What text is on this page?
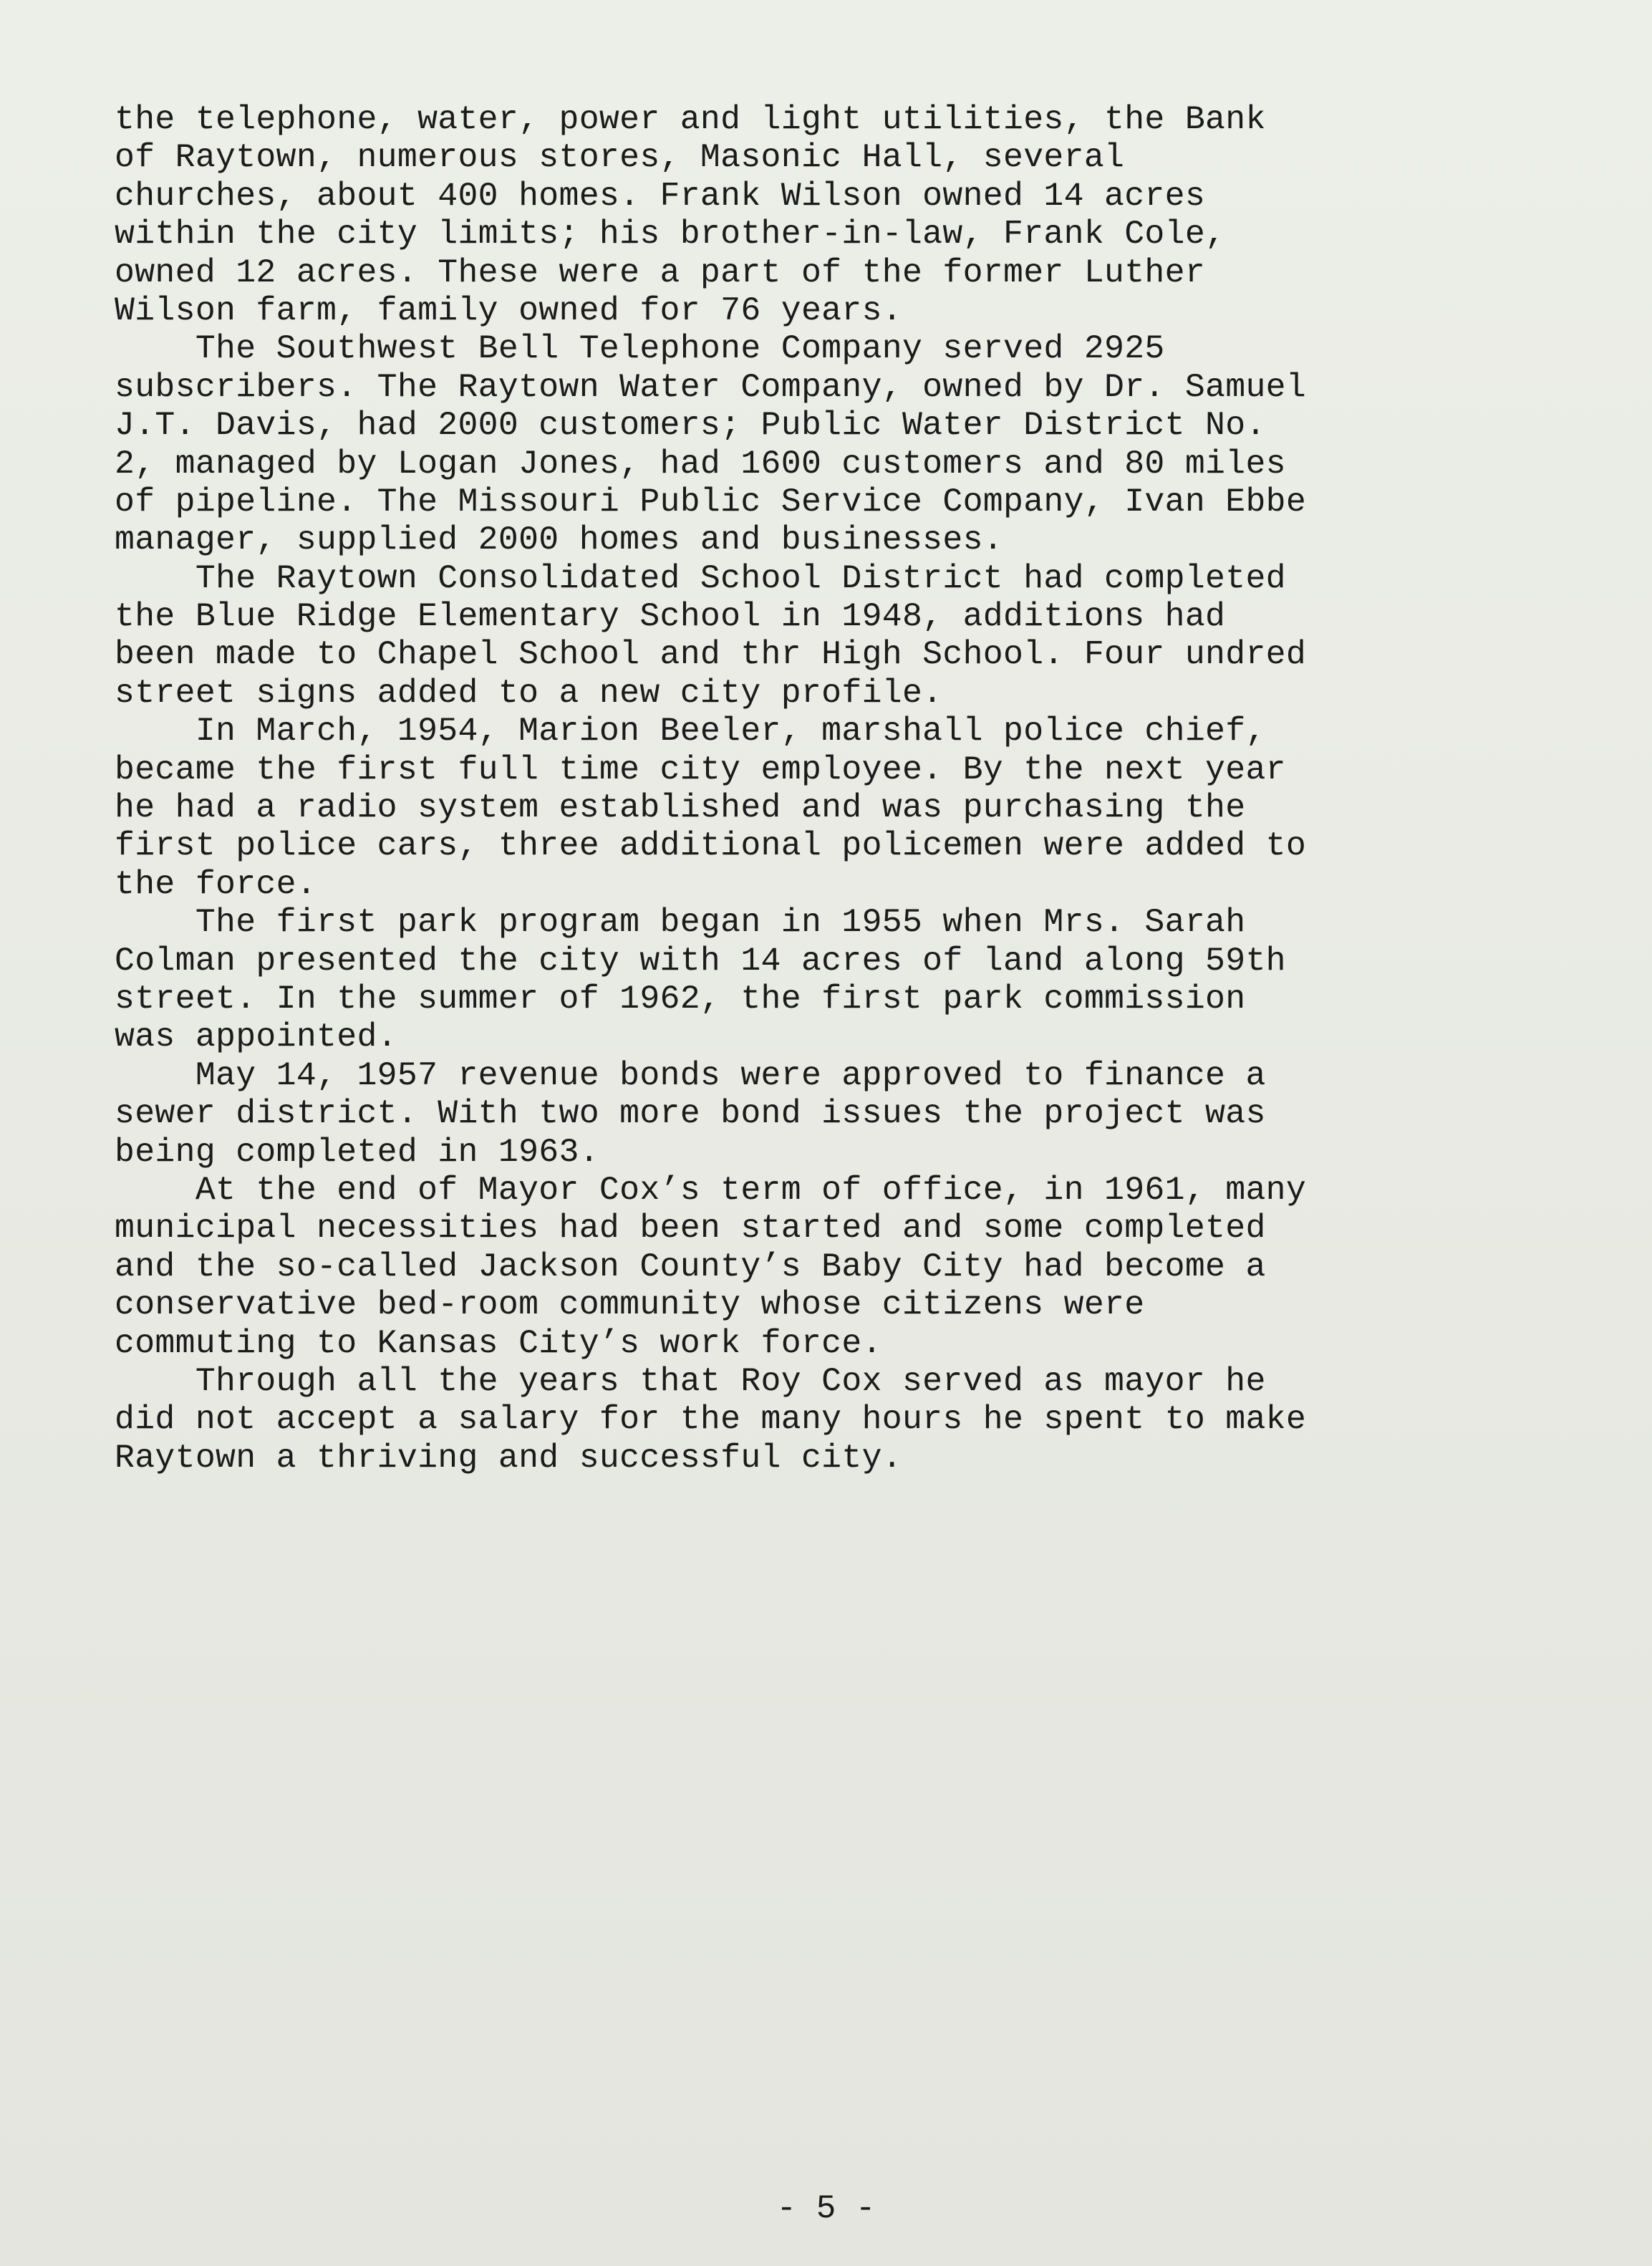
the telephone, water, power and light utilities, the Bank
of Raytown, numerous stores, Masonic Hall, several
churches, about 400 homes. Frank Wilson owned 14 acres
within the city limits; his brother-in-law, Frank Cole,
owned 12 acres. These were a part of the former Luther
Wilson farm, family owned for 76 years.
The Southwest Bell Telephone Company served 2925
subscribers. The Raytown Water Company, owned by Dr. Samuel
J.T. Davis, had 2000 customers; Public Water District No.
2, managed by Logan Jones, had 1600 customers and 80 miles
of pipeline. The Missouri Public Service Company, Ivan Ebbe
manager, supplied 2000 homes and businesses.
The Raytown Consolidated School District had completed
the Blue Ridge Elementary School in 1948, additions had
been made to Chapel School and thr High School. Four undred
street signs added to a new city profile.
In March, 1954, Marion Beeler, marshall police chief,
became the first full time city employee. By the next year
he had a radio system established and was purchasing the
first police cars, three additional policemen were added to
the force.
The first park program began in 1955 when Mrs. Sarah
Colman presented the city with 14 acres of land along 59th
street. In the summer of 1962, the first park commission
was appointed.
May 14, 1957 revenue bonds were approved to finance a
sewer district. With two more bond issues the project was
being completed in 1963.
At the end of Mayor Cox’s term of office, in 1961, many
municipal necessities had been started and some completed
and the so-called Jackson County’s Baby City had become a
conservative bed-room community whose citizens were
commuting to Kansas City’s work force.
Through all the years that Roy Cox served as mayor he
did not accept a salary for the many hours he spent to make
Raytown a thriving and successful city.
- 5 -
